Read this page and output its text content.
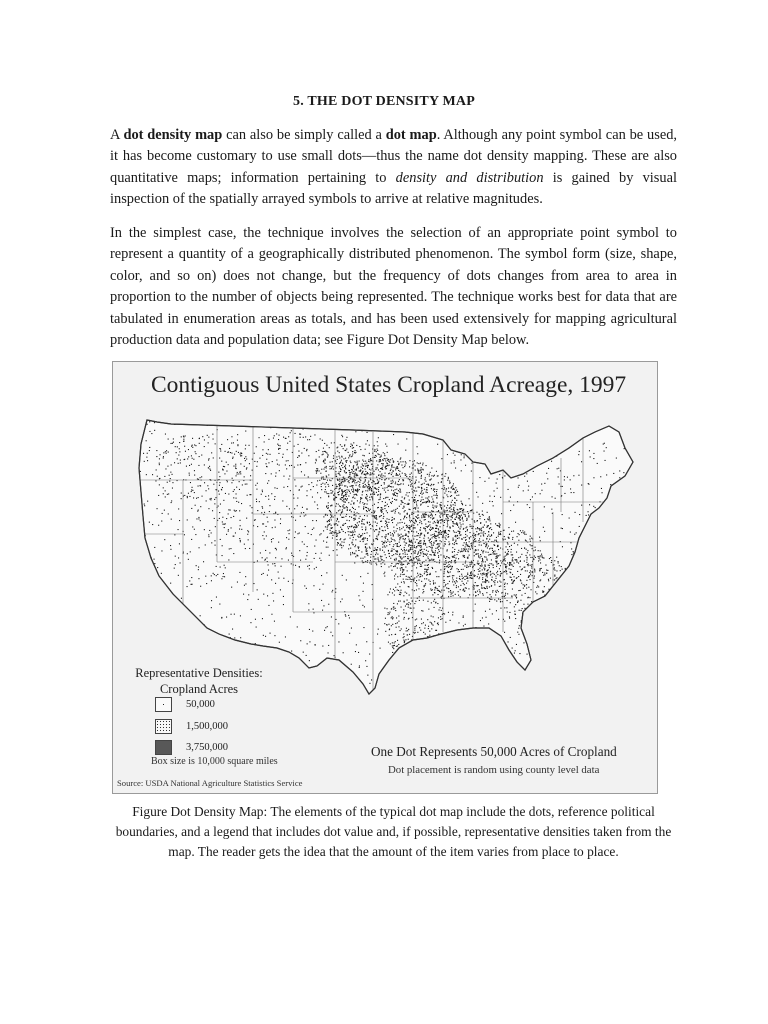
5. THE DOT DENSITY MAP

A dot density map can also be simply called a dot map. Although any point symbol can be used, it has become customary to use small dots—thus the name dot density mapping. These are also quantitative maps; information pertaining to density and distribution is gained by visual inspection of the spatially arrayed symbols to arrive at relative magnitudes.

In the simplest case, the technique involves the selection of an appropriate point symbol to represent a quantity of a geographically distributed phenomenon. The symbol form (size, shape, color, and so on) does not change, but the frequency of dots changes from area to area in proportion to the number of objects being represented. The technique works best for data that are tabulated in enumeration areas as totals, and has been used extensively for mapping agricultural production data and population data; see Figure Dot Density Map below.

Contiguous United States Cropland Acreage, 1997
Representative Densities:
Cropland Acres
50,000
1,500,000
3,750,000
Box size is 10,000 square miles
Source: USDA National Agriculture Statistics Service
One Dot Represents 50,000 Acres of Cropland
Dot placement is random using county level data

Figure Dot Density Map: The elements of the typical dot map include the dots, reference political boundaries, and a legend that includes dot value and, if possible, representative densities taken from the map. The reader gets the idea that the amount of the item varies from place to place.
